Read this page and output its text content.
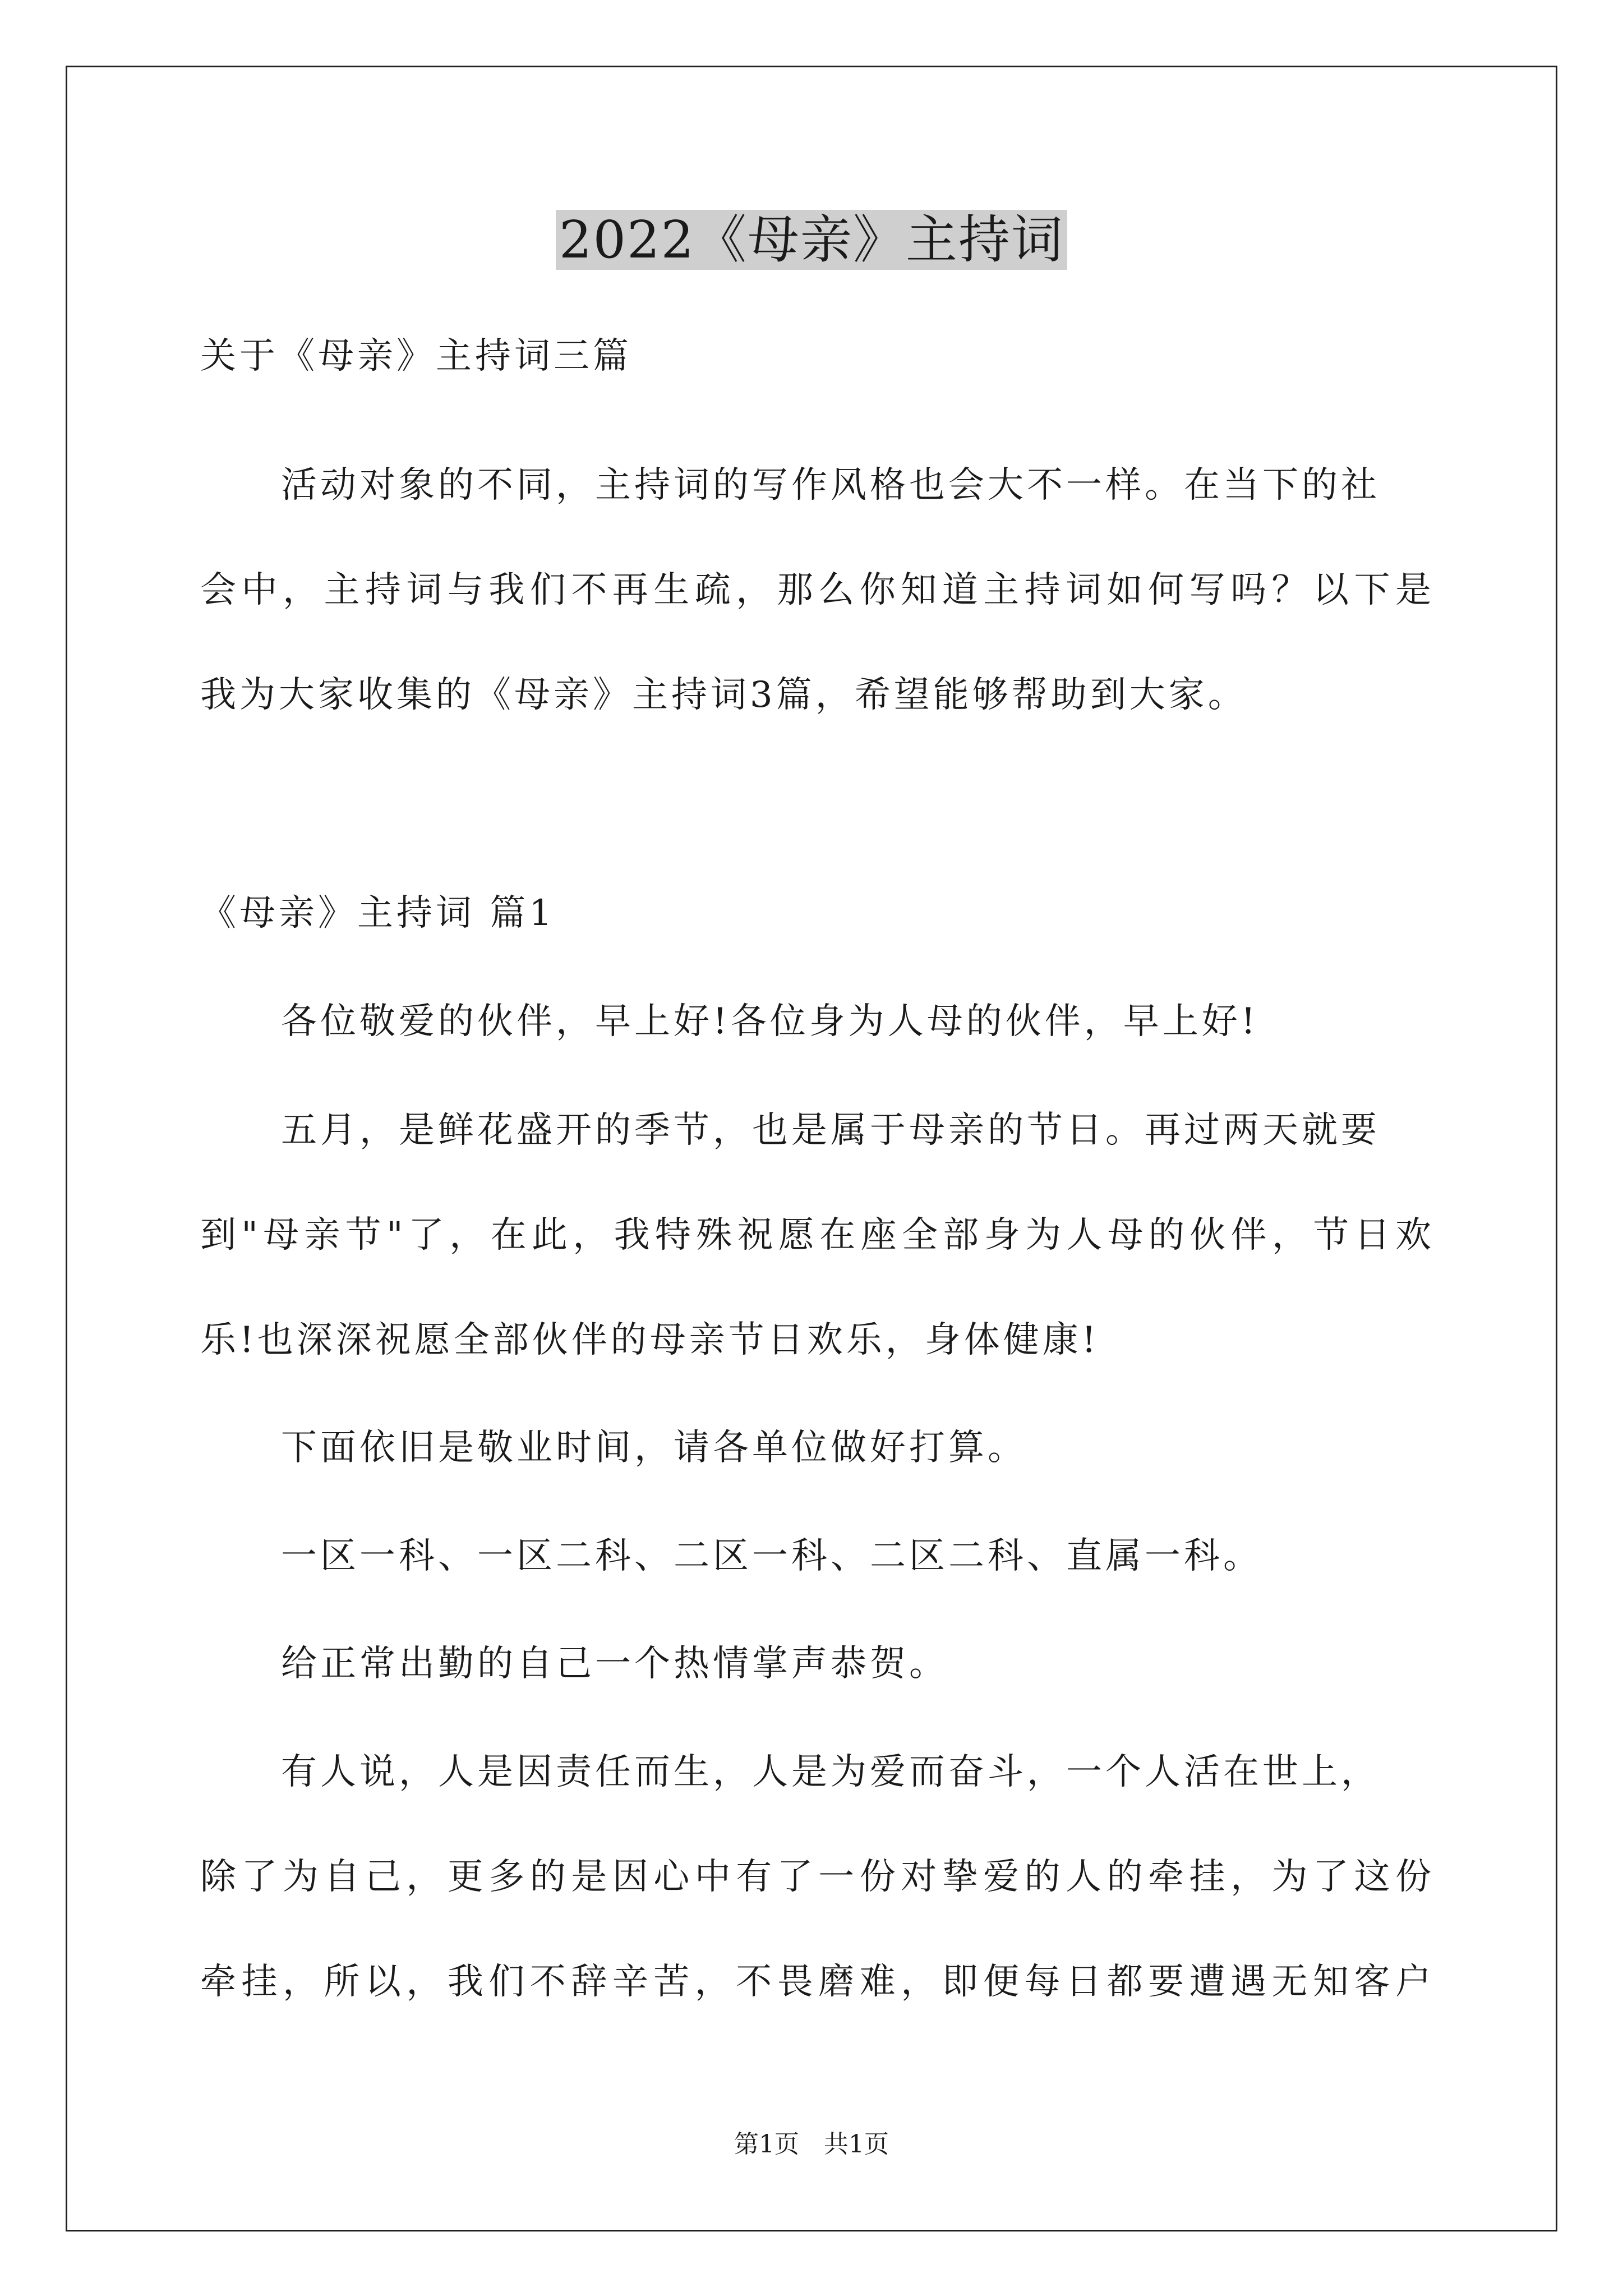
2022《母亲》主持词
关于《母亲》主持词三篇
活动对象的不同，主持词的写作风格也会大不一样。在当下的社
会中，主持词与我们不再生疏，那么你知道主持词如何写吗？以下是
我为大家收集的《母亲》主持词3篇，希望能够帮助到大家。
《母亲》主持词 篇1
各位敬爱的伙伴，早上好!各位身为人母的伙伴，早上好!
五月，是鲜花盛开的季节，也是属于母亲的节日。再过两天就要
到"母亲节"了，在此，我特殊祝愿在座全部身为人母的伙伴，节日欢
乐!也深深祝愿全部伙伴的母亲节日欢乐，身体健康!
下面依旧是敬业时间，请各单位做好打算。
一区一科、一区二科、二区一科、二区二科、直属一科。
给正常出勤的自己一个热情掌声恭贺。
有人说，人是因责任而生，人是为爱而奋斗，一个人活在世上，
除了为自己，更多的是因心中有了一份对挚爱的人的牵挂，为了这份
牵挂，所以，我们不辞辛苦，不畏磨难，即便每日都要遭遇无知客户
第1页　共1页
